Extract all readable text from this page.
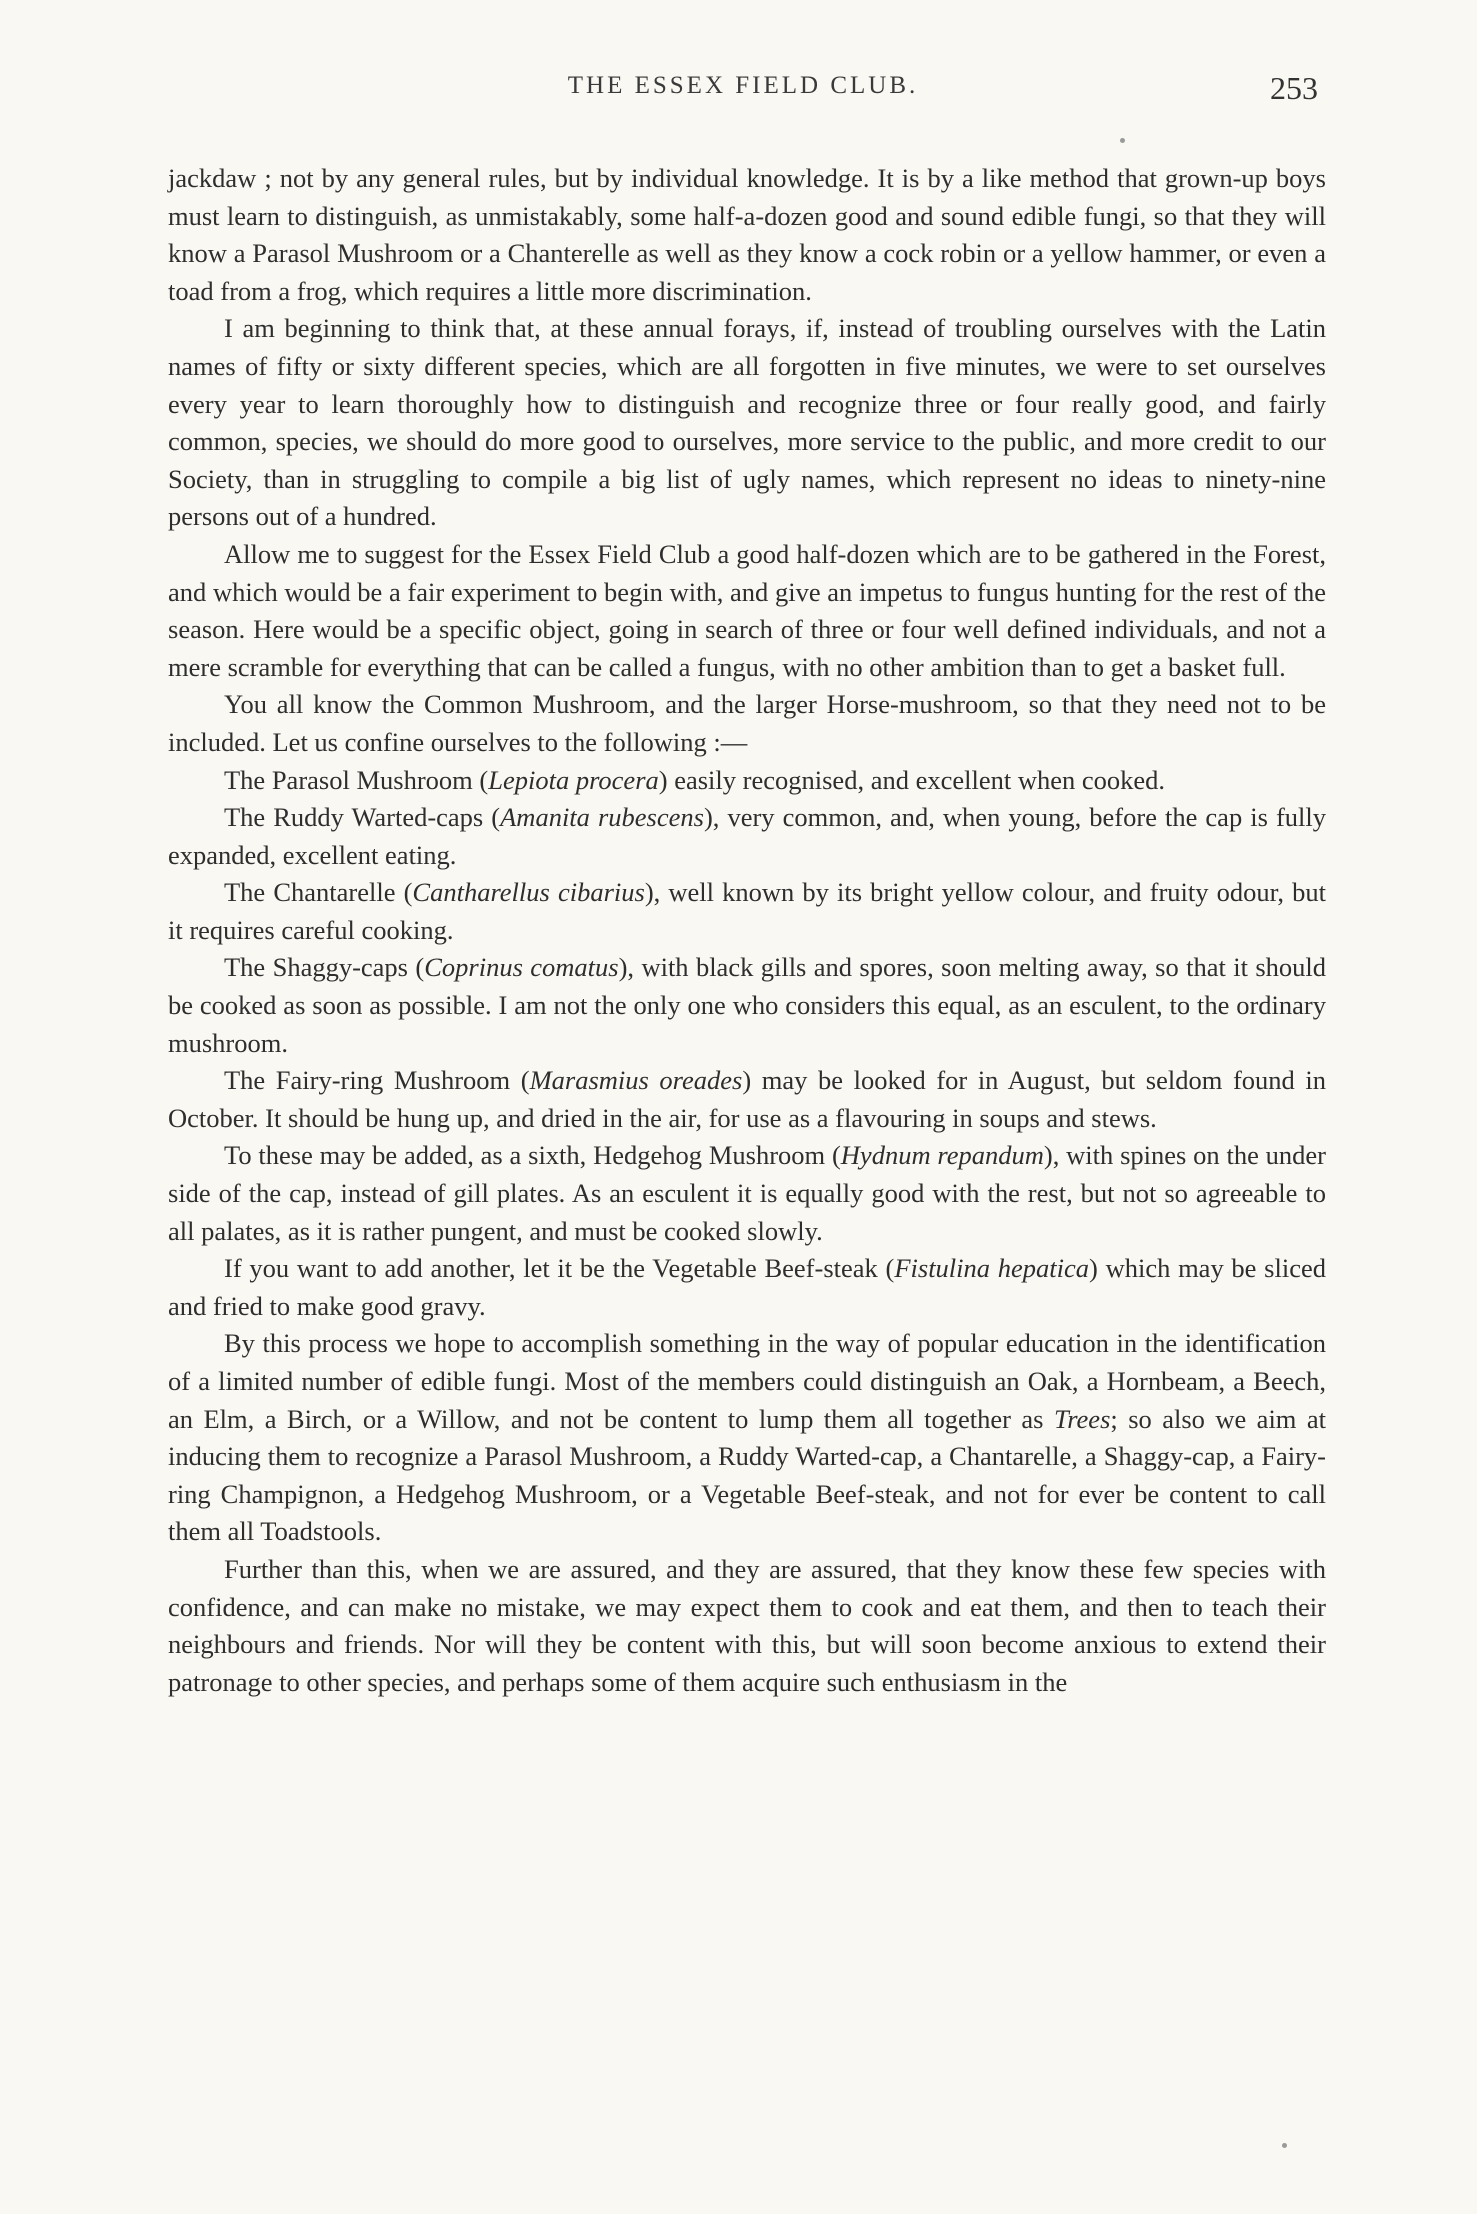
THE ESSEX FIELD CLUB.	253

jackdaw ; not by any general rules, but by individual knowledge. It is by a like method that grown-up boys must learn to distinguish, as unmistakably, some half-a-dozen good and sound edible fungi, so that they will know a Parasol Mushroom or a Chanterelle as well as they know a cock robin or a yellow hammer, or even a toad from a frog, which requires a little more discrimination.

I am beginning to think that, at these annual forays, if, instead of troubling ourselves with the Latin names of fifty or sixty different species, which are all forgotten in five minutes, we were to set ourselves every year to learn thoroughly how to distinguish and recognize three or four really good, and fairly common, species, we should do more good to ourselves, more service to the public, and more credit to our Society, than in struggling to compile a big list of ugly names, which represent no ideas to ninety-nine persons out of a hundred.

Allow me to suggest for the Essex Field Club a good half-dozen which are to be gathered in the Forest, and which would be a fair experiment to begin with, and give an impetus to fungus hunting for the rest of the season. Here would be a specific object, going in search of three or four well defined individuals, and not a mere scramble for everything that can be called a fungus, with no other ambition than to get a basket full.

You all know the Common Mushroom, and the larger Horse-mushroom, so that they need not to be included. Let us confine ourselves to the following :—

The Parasol Mushroom (Lepiota procera) easily recognised, and excellent when cooked.

The Ruddy Warted-caps (Amanita rubescens), very common, and, when young, before the cap is fully expanded, excellent eating.

The Chantarelle (Cantharellus cibarius), well known by its bright yellow colour, and fruity odour, but it requires careful cooking.

The Shaggy-caps (Coprinus comatus), with black gills and spores, soon melting away, so that it should be cooked as soon as possible. I am not the only one who considers this equal, as an esculent, to the ordinary mushroom.

The Fairy-ring Mushroom (Marasmius oreades) may be looked for in August, but seldom found in October. It should be hung up, and dried in the air, for use as a flavouring in soups and stews.

To these may be added, as a sixth, Hedgehog Mushroom (Hydnum repandum), with spines on the under side of the cap, instead of gill plates. As an esculent it is equally good with the rest, but not so agreeable to all palates, as it is rather pungent, and must be cooked slowly.

If you want to add another, let it be the Vegetable Beef-steak (Fistulina hepatica) which may be sliced and fried to make good gravy.

By this process we hope to accomplish something in the way of popular education in the identification of a limited number of edible fungi. Most of the members could distinguish an Oak, a Hornbeam, a Beech, an Elm, a Birch, or a Willow, and not be content to lump them all together as Trees; so also we aim at inducing them to recognize a Parasol Mushroom, a Ruddy Warted-cap, a Chantarelle, a Shaggy-cap, a Fairy-ring Champignon, a Hedgehog Mushroom, or a Vegetable Beef-steak, and not for ever be content to call them all Toadstools.

Further than this, when we are assured, and they are assured, that they know these few species with confidence, and can make no mistake, we may expect them to cook and eat them, and then to teach their neighbours and friends. Nor will they be content with this, but will soon become anxious to extend their patronage to other species, and perhaps some of them acquire such enthusiasm in the
